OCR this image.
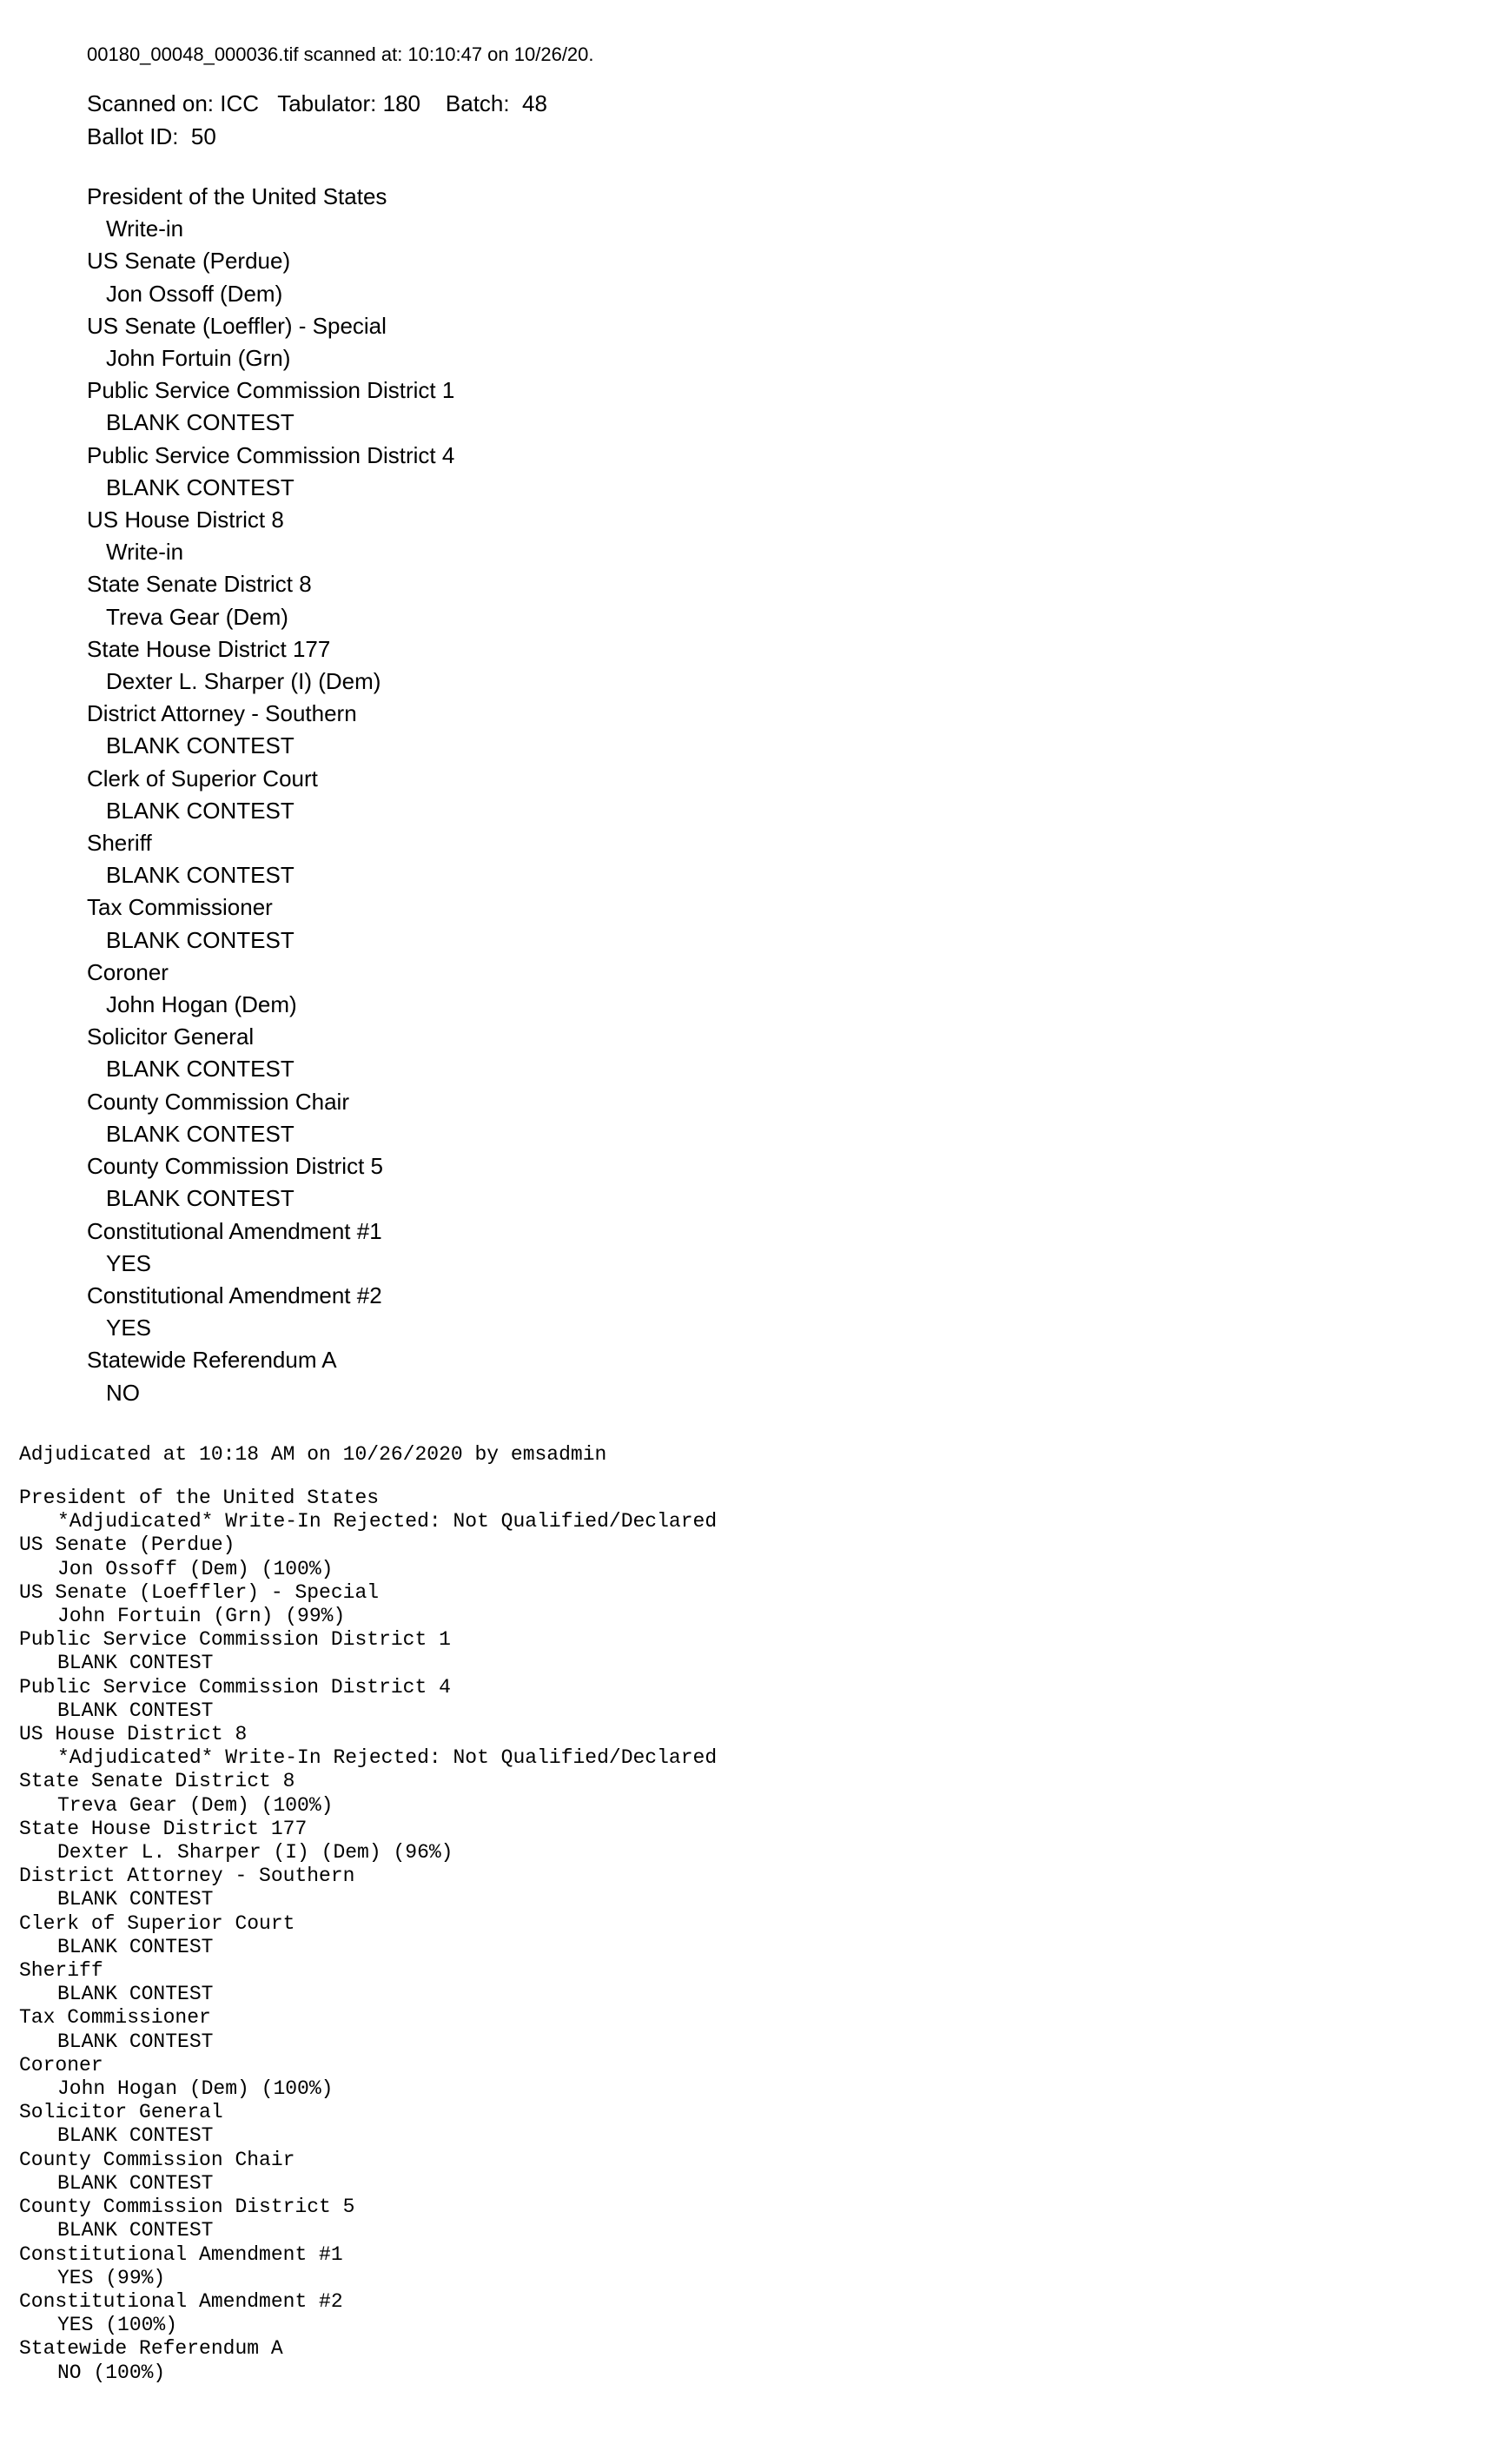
00180_00048_000036.tif scanned at: 10:10:47 on 10/26/20.
Scanned on: ICC   Tabulator: 180    Batch:  48
Ballot ID:  50
President of the United States
Write-in
US Senate (Perdue)
Jon Ossoff (Dem)
US Senate (Loeffler) - Special
John Fortuin (Grn)
Public Service Commission District 1
BLANK CONTEST
Public Service Commission District 4
BLANK CONTEST
US House District 8
Write-in
State Senate District 8
Treva Gear (Dem)
State House District 177
Dexter L. Sharper (I) (Dem)
District Attorney - Southern
BLANK CONTEST
Clerk of Superior Court
BLANK CONTEST
Sheriff
BLANK CONTEST
Tax Commissioner
BLANK CONTEST
Coroner
John Hogan (Dem)
Solicitor General
BLANK CONTEST
County Commission Chair
BLANK CONTEST
County Commission District 5
BLANK CONTEST
Constitutional Amendment #1
YES
Constitutional Amendment #2
YES
Statewide Referendum A
NO
Adjudicated at 10:18 AM on 10/26/2020 by emsadmin
President of the United States
*Adjudicated* Write-In Rejected: Not Qualified/Declared
US Senate (Perdue)
Jon Ossoff (Dem) (100%)
US Senate (Loeffler) - Special
John Fortuin (Grn) (99%)
Public Service Commission District 1
BLANK CONTEST
Public Service Commission District 4
BLANK CONTEST
US House District 8
*Adjudicated* Write-In Rejected: Not Qualified/Declared
State Senate District 8
Treva Gear (Dem) (100%)
State House District 177
Dexter L. Sharper (I) (Dem) (96%)
District Attorney - Southern
BLANK CONTEST
Clerk of Superior Court
BLANK CONTEST
Sheriff
BLANK CONTEST
Tax Commissioner
BLANK CONTEST
Coroner
John Hogan (Dem) (100%)
Solicitor General
BLANK CONTEST
County Commission Chair
BLANK CONTEST
County Commission District 5
BLANK CONTEST
Constitutional Amendment #1
YES (99%)
Constitutional Amendment #2
YES (100%)
Statewide Referendum A
NO (100%)
